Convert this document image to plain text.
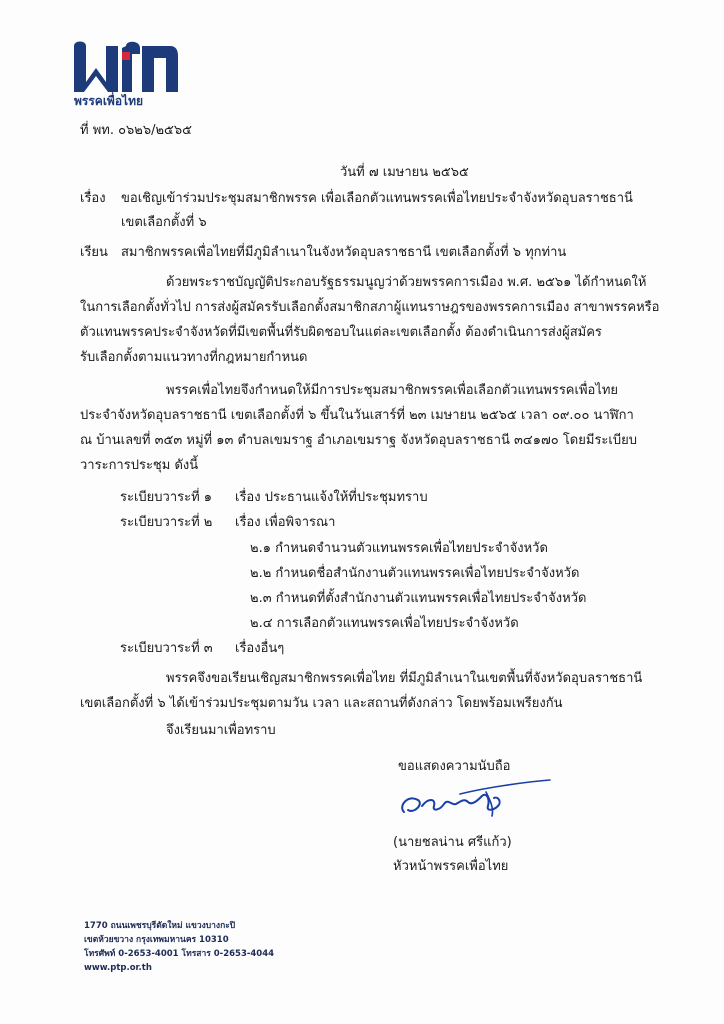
พรรคเพื่อไทย
ที่ พท. ๐๖๒๖/๒๕๖๕
วันที่ ๗ เมษายน ๒๕๖๕
เรื่อง ขอเชิญเข้าร่วมประชุมสมาชิกพรรค เพื่อเลือกตัวแทนพรรคเพื่อไทยประจำจังหวัดอุบลราชธานี
เขตเลือกตั้งที่ ๖
เรียน สมาชิกพรรคเพื่อไทยที่มีภูมิลำเนาในจังหวัดอุบลราชธานี เขตเลือกตั้งที่ ๖ ทุกท่าน
ด้วยพระราชบัญญัติประกอบรัฐธรรมนูญว่าด้วยพรรคการเมือง พ.ศ. ๒๕๖๑ ได้กำหนดให้
ในการเลือกตั้งทั่วไป การส่งผู้สมัครรับเลือกตั้งสมาชิกสภาผู้แทนราษฎรของพรรคการเมือง สาขาพรรคหรือ
ตัวแทนพรรคประจำจังหวัดที่มีเขตพื้นที่รับผิดชอบในแต่ละเขตเลือกตั้ง ต้องดำเนินการส่งผู้สมัคร
รับเลือกตั้งตามแนวทางที่กฎหมายกำหนด
พรรคเพื่อไทยจึงกำหนดให้มีการประชุมสมาชิกพรรคเพื่อเลือกตัวแทนพรรคเพื่อไทย
ประจำจังหวัดอุบลราชธานี เขตเลือกตั้งที่ ๖ ขึ้นในวันเสาร์ที่ ๒๓ เมษายน ๒๕๖๕ เวลา ๐๙.๐๐ นาฬิกา
ณ บ้านเลขที่ ๓๕๓ หมู่ที่ ๑๓ ตำบลเขมราฐ อำเภอเขมราฐ จังหวัดอุบลราชธานี ๓๔๑๗๐ โดยมีระเบียบ
วาระการประชุม ดังนี้
ระเบียบวาระที่ ๑ เรื่อง ประธานแจ้งให้ที่ประชุมทราบ
ระเบียบวาระที่ ๒ เรื่อง เพื่อพิจารณา
๒.๑ กำหนดจำนวนตัวแทนพรรคเพื่อไทยประจำจังหวัด
๒.๒ กำหนดชื่อสำนักงานตัวแทนพรรคเพื่อไทยประจำจังหวัด
๒.๓ กำหนดที่ตั้งสำนักงานตัวแทนพรรคเพื่อไทยประจำจังหวัด
๒.๔ การเลือกตัวแทนพรรคเพื่อไทยประจำจังหวัด
ระเบียบวาระที่ ๓ เรื่องอื่นๆ
พรรคจึงขอเรียนเชิญสมาชิกพรรคเพื่อไทย ที่มีภูมิลำเนาในเขตพื้นที่จังหวัดอุบลราชธานี
เขตเลือกตั้งที่ ๖ ได้เข้าร่วมประชุมตามวัน เวลา และสถานที่ดังกล่าว โดยพร้อมเพรียงกัน
จึงเรียนมาเพื่อทราบ
ขอแสดงความนับถือ
(นายชลน่าน ศรีแก้ว)
หัวหน้าพรรคเพื่อไทย
1770 ถนนเพชรบุรีตัดใหม่ แขวงบางกะปิ
เขตห้วยขวาง กรุงเทพมหานคร 10310
โทรศัพท์ 0-2653-4001 โทรสาร 0-2653-4044
www.ptp.or.th
